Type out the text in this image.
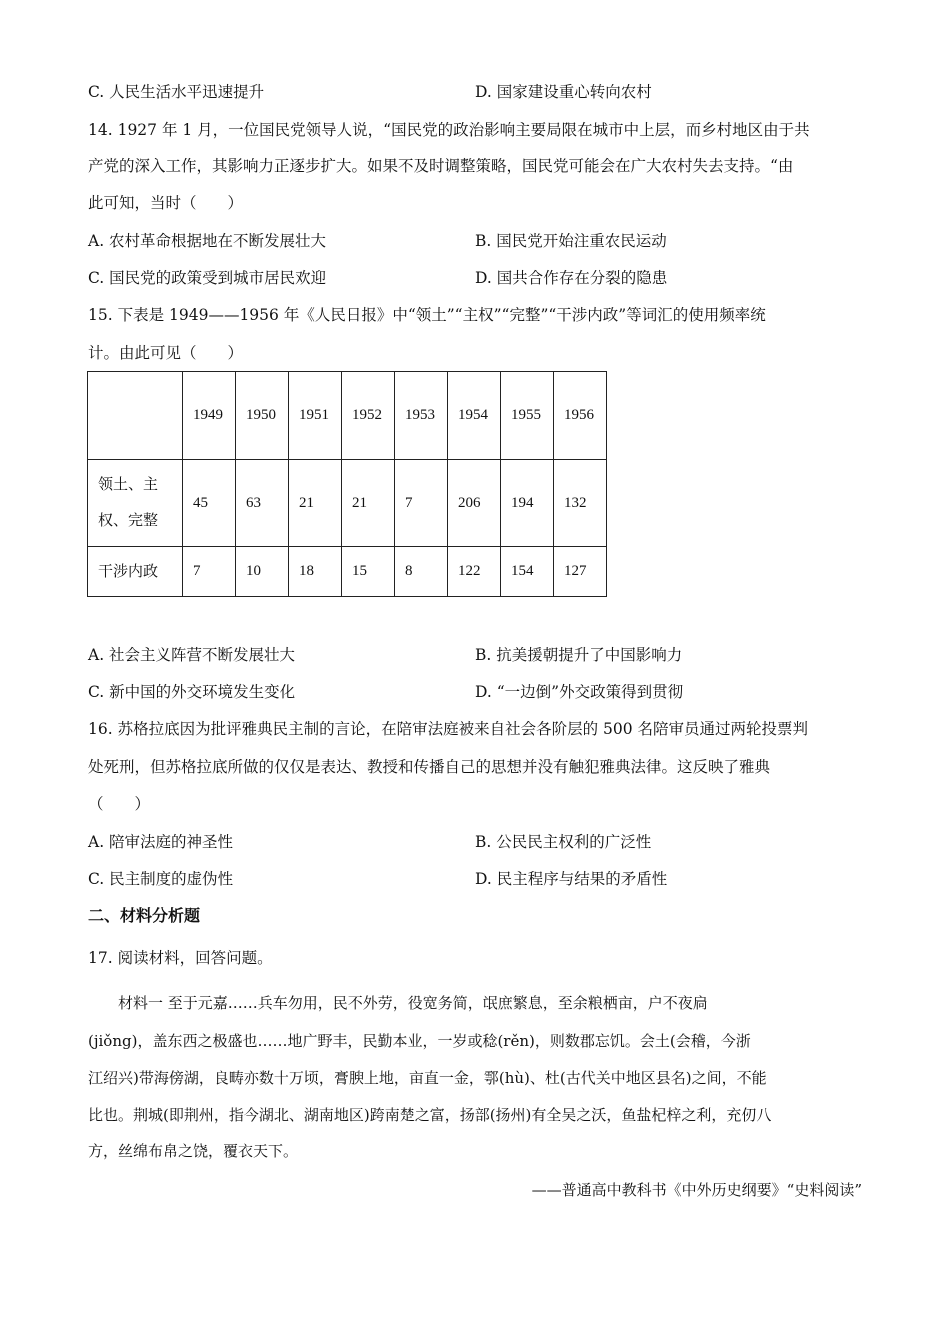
C. 人民生活水平迅速提升	D. 国家建设重心转向农村
14. 1927 年 1 月，一位国民党领导人说，“国民党的政治影响主要局限在城市中上层，而乡村地区由于共
产党的深入工作，其影响力正逐步扩大。如果不及时调整策略，国民党可能会在广大农村失去支持。“由
此可知，当时（　　）
A. 农村革命根据地在不断发展壮大	B. 国民党开始注重农民运动
C. 国民党的政策受到城市居民欢迎	D. 国共合作存在分裂的隐患
15. 下表是 1949——1956 年《人民日报》中“领土”“主权”“完整”“干涉内政”等词汇的使用频率统
计。由此可见（　　）
	1949	1950	1951	1952	1953	1954	1955	1956

领土、主
权、完整	45	63	21	21	7	206	194	132
干涉内政	7	10	18	15	8	122	154	127
A. 社会主义阵营不断发展壮大	B. 抗美援朝提升了中国影响力
C. 新中国的外交环境发生变化	D. “一边倒”外交政策得到贯彻
16. 苏格拉底因为批评雅典民主制的言论，在陪审法庭被来自社会各阶层的 500 名陪审员通过两轮投票判
处死刑，但苏格拉底所做的仅仅是表达、教授和传播自己的思想并没有触犯雅典法律。这反映了雅典
（　　）
A. 陪审法庭的神圣性	B. 公民民主权利的广泛性
C. 民主制度的虚伪性	D. 民主程序与结果的矛盾性
二、材料分析题
17. 阅读材料，回答问题。
　　材料一 至于元嘉……兵车勿用，民不外劳，役宽务简，氓庶繁息，至余粮栖亩，户不夜扃
(jiǒng)，盖东西之极盛也……地广野丰，民勤本业，一岁或稔(rěn)，则数郡忘饥。会土(会稽，今浙
江绍兴)带海傍湖，良畴亦数十万顷，膏腴上地，亩直一金，鄠(hù)、杜(古代关中地区县名)之间，不能
比也。荆城(即荆州，指今湖北、湖南地区)跨南楚之富，扬部(扬州)有全吴之沃，鱼盐杞梓之利，充仞八
方，丝绵布帛之饶，覆衣天下。
——普通高中教科书《中外历史纲要》“史料阅读”
